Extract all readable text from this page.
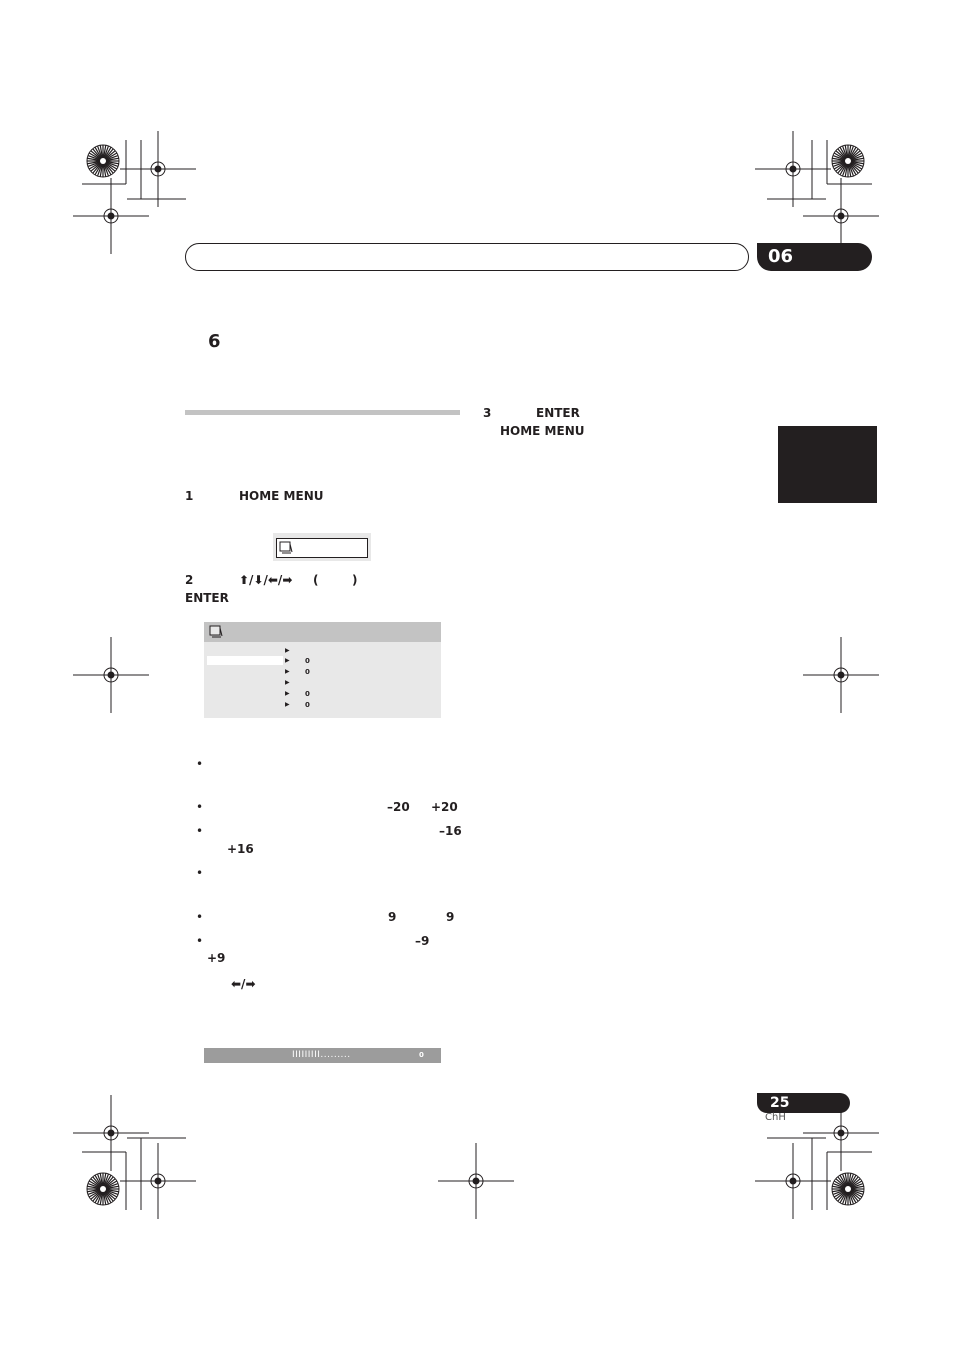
06
6
3	ENTER
HOME MENU
1	HOME MENU
2	⬆/⬇/⬅/➡ (	)
ENTER
▶
▶
▶
▶
▶
▶
0
0
0
0
•
•	–20 +20
•	–16
+16
•
•	9	9
•	–9
+9
⬅/➡
IIIIIIIII.........	0
25
ChH
